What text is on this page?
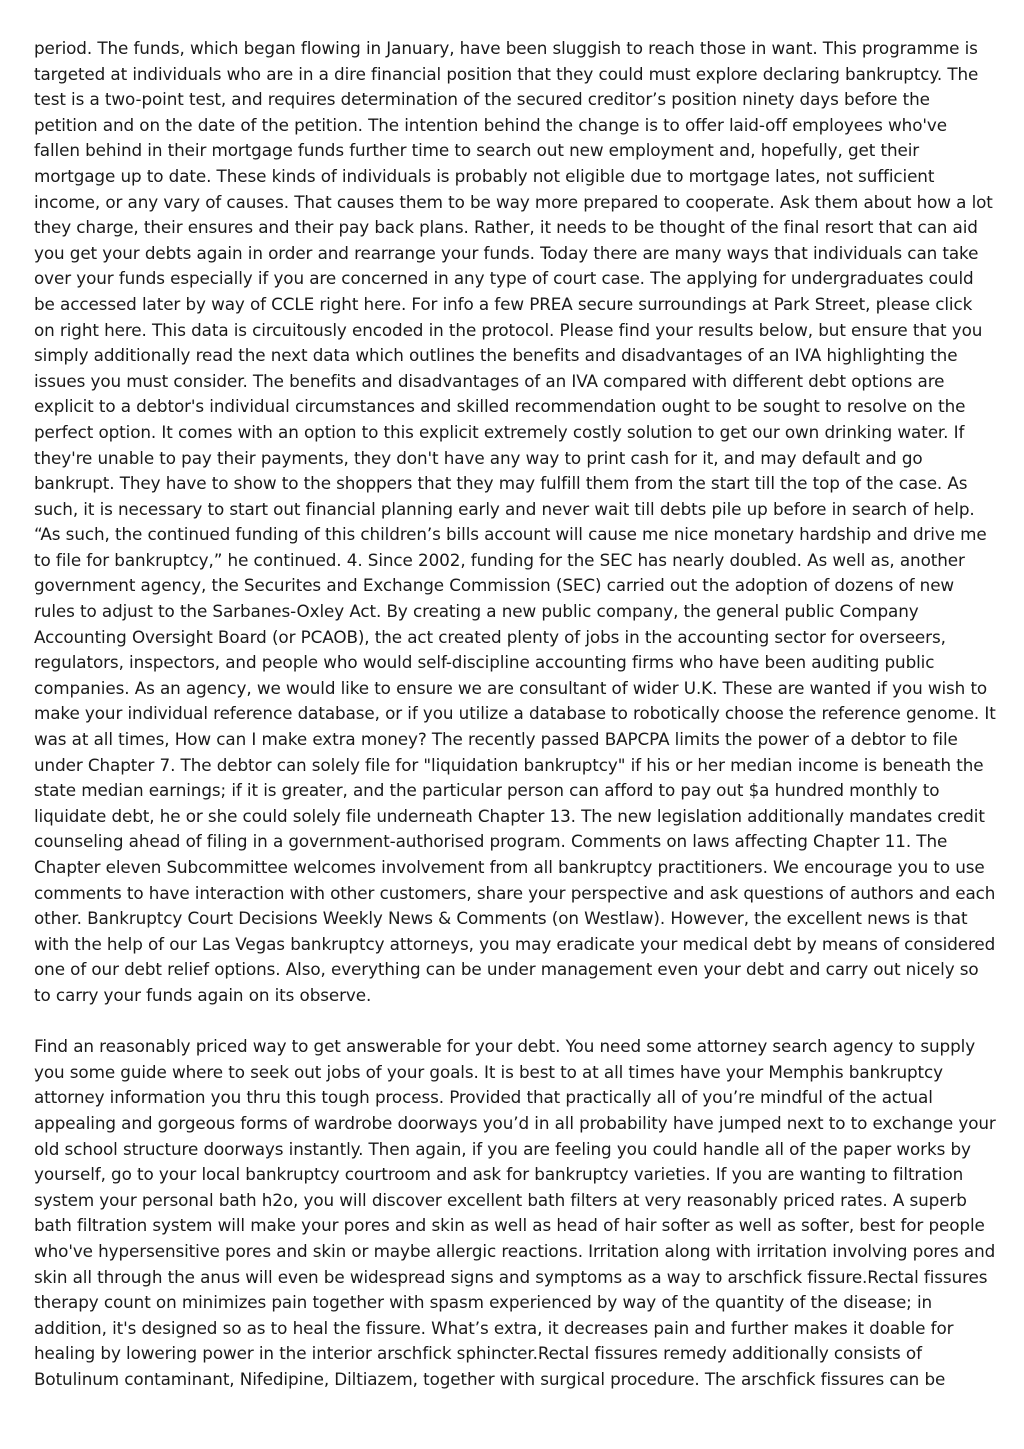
period. The funds, which began flowing in January, have been sluggish to reach those in want. This programme is targeted at individuals who are in a dire financial position that they could must explore declaring bankruptcy. The test is a two-point test, and requires determination of the secured creditor’s position ninety days before the petition and on the date of the petition. The intention behind the change is to offer laid-off employees who've fallen behind in their mortgage funds further time to search out new employment and, hopefully, get their mortgage up to date. These kinds of individuals is probably not eligible due to mortgage lates, not sufficient income, or any vary of causes. That causes them to be way more prepared to cooperate. Ask them about how a lot they charge, their ensures and their pay back plans. Rather, it needs to be thought of the final resort that can aid you get your debts again in order and rearrange your funds. Today there are many ways that individuals can take over your funds especially if you are concerned in any type of court case. The applying for undergraduates could be accessed later by way of CCLE right here. For info a few PREA secure surroundings at Park Street, please click on right here. This data is circuitously encoded in the protocol. Please find your results below, but ensure that you simply additionally read the next data which outlines the benefits and disadvantages of an IVA highlighting the issues you must consider. The benefits and disadvantages of an IVA compared with different debt options are explicit to a debtor's individual circumstances and skilled recommendation ought to be sought to resolve on the perfect option. It comes with an option to this explicit extremely costly solution to get our own drinking water. If they're unable to pay their payments, they don't have any way to print cash for it, and may default and go bankrupt. They have to show to the shoppers that they may fulfill them from the start till the top of the case. As such, it is necessary to start out financial planning early and never wait till debts pile up before in search of help. “As such, the continued funding of this children’s bills account will cause me nice monetary hardship and drive me to file for bankruptcy,” he continued. 4. Since 2002, funding for the SEC has nearly doubled. As well as, another government agency, the Securites and Exchange Commission (SEC) carried out the adoption of dozens of new rules to adjust to the Sarbanes-Oxley Act. By creating a new public company, the general public Company Accounting Oversight Board (or PCAOB), the act created plenty of jobs in the accounting sector for overseers, regulators, inspectors, and people who would self-discipline accounting firms who have been auditing public companies. As an agency, we would like to ensure we are consultant of wider U.K. These are wanted if you wish to make your individual reference database, or if you utilize a database to robotically choose the reference genome. It was at all times, How can I make extra money? The recently passed BAPCPA limits the power of a debtor to file under Chapter 7. The debtor can solely file for "liquidation bankruptcy" if his or her median income is beneath the state median earnings; if it is greater, and the particular person can afford to pay out $a hundred monthly to liquidate debt, he or she could solely file underneath Chapter 13. The new legislation additionally mandates credit counseling ahead of filing in a government-authorised program. Comments on laws affecting Chapter 11. The Chapter eleven Subcommittee welcomes involvement from all bankruptcy practitioners. We encourage you to use comments to have interaction with other customers, share your perspective and ask questions of authors and each other. Bankruptcy Court Decisions Weekly News & Comments (on Westlaw). However, the excellent news is that with the help of our Las Vegas bankruptcy attorneys, you may eradicate your medical debt by means of considered one of our debt relief options. Also, everything can be under management even your debt and carry out nicely so to carry your funds again on its observe.

Find an reasonably priced way to get answerable for your debt. You need some attorney search agency to supply you some guide where to seek out jobs of your goals. It is best to at all times have your Memphis bankruptcy attorney information you thru this tough process. Provided that practically all of you’re mindful of the actual appealing and gorgeous forms of wardrobe doorways you’d in all probability have jumped next to to exchange your old school structure doorways instantly. Then again, if you are feeling you could handle all of the paper works by yourself, go to your local bankruptcy courtroom and ask for bankruptcy varieties. If you are wanting to filtration system your personal bath h2o, you will discover excellent bath filters at very reasonably priced rates. A superb bath filtration system will make your pores and skin as well as head of hair softer as well as softer, best for people who've hypersensitive pores and skin or maybe allergic reactions. Irritation along with irritation involving pores and skin all through the anus will even be widespread signs and symptoms as a way to arschfick fissure.Rectal fissures therapy count on minimizes pain together with spasm experienced by way of the quantity of the disease; in addition, it's designed so as to heal the fissure. What’s extra, it decreases pain and further makes it doable for healing by lowering power in the interior arschfick sphincter.Rectal fissures remedy additionally consists of Botulinum contaminant, Nifedipine, Diltiazem, together with surgical procedure. The arschfick fissures can be
